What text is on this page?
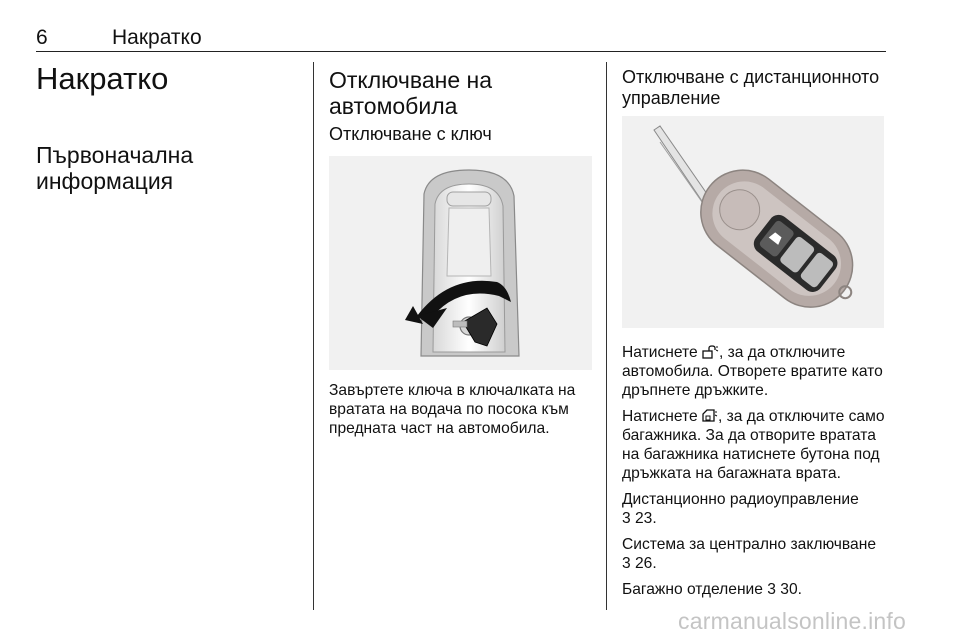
6	Накратко
Накратко
Първоначална информация
Отключване на автомобила
Отключване с ключ
Завъртете ключа в ключалката на вратата на водача по посока към предната част на автомобила.
Отключване с дистанционното управление

Натиснете , за да отключите автомобила. Отворете вратите като дръпнете дръжките.

Натиснете , за да отключите само багажника. За да отворите вратата на багажника натиснете бутона под дръжката на багажната врата.

Дистанционно радиоуправление
3 23.

Система за централно заключване
3 26.

Багажно отделение 3 30.

carmanualsonline.info
